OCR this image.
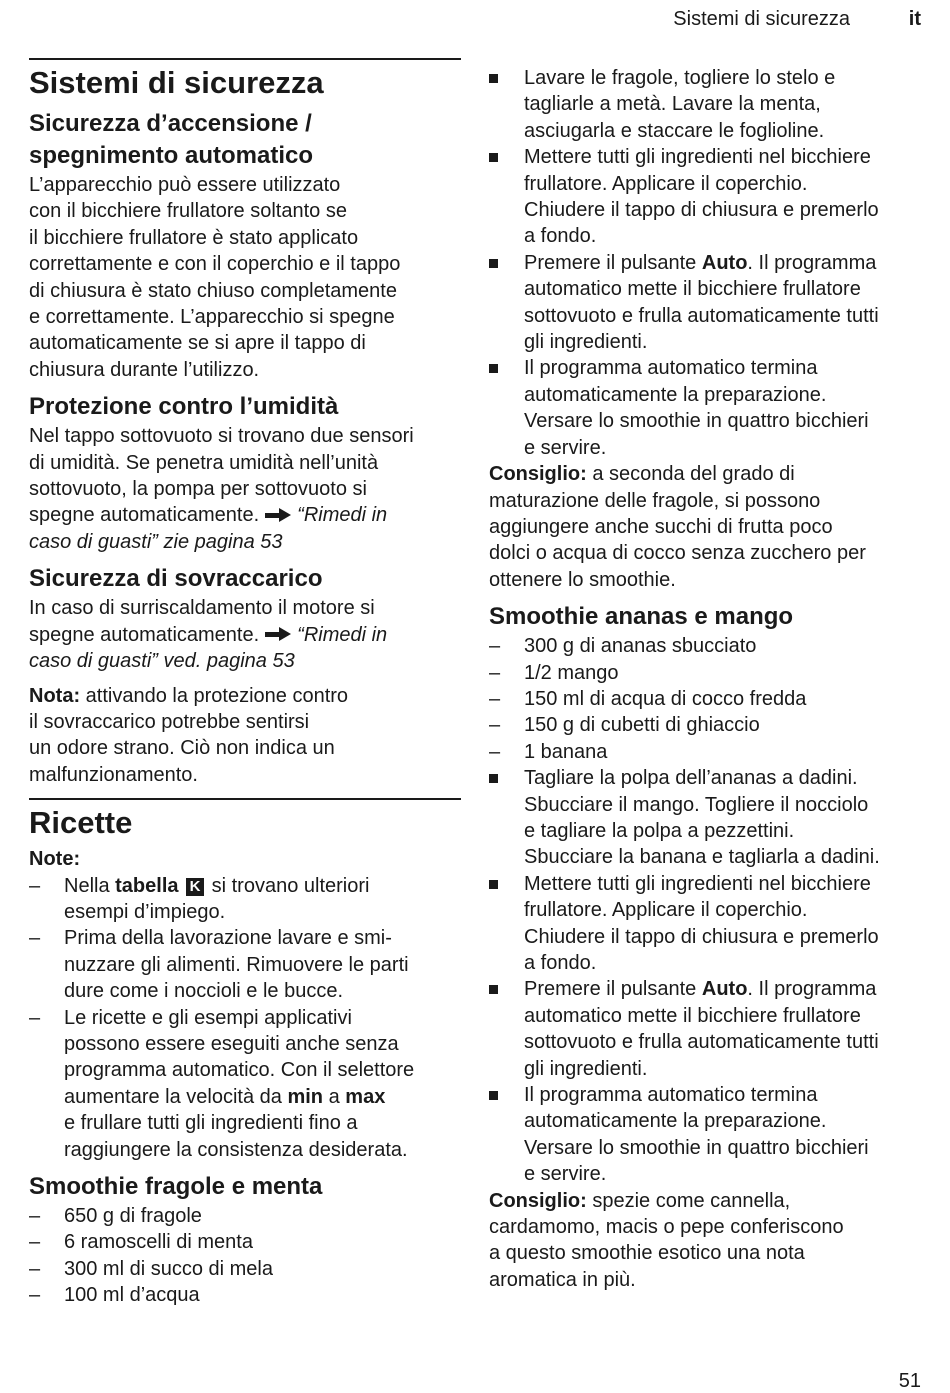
Sistemi di sicurezza	it
Sistemi di sicurezza
Sicurezza d’accensione /
spegnimento automatico

L’apparecchio può essere utilizzato
con il bicchiere frullatore soltanto se
il bicchiere frullatore è stato applicato
correttamente e con il coperchio e il tappo
di chiusura è stato chiuso completamente
e correttamente. L’apparecchio si spegne
automaticamente se si apre il tappo di
chiusura durante l’utilizzo.

Protezione contro l’umidità

Nel tappo sottovuoto si trovano due sensori
di umidità. Se penetra umidità nell’unità
sottovuoto, la pompa per sottovuoto si
spegne automaticamente. “Rimedi in
caso di guasti” zie pagina 53

Sicurezza di sovraccarico

In caso di surriscaldamento il motore si
spegne automaticamente. “Rimedi in
caso di guasti” ved. pagina 53

Nota: attivando la protezione contro
il sovraccarico potrebbe sentirsi
un odore strano. Ciò non indica un
malfunzionamento.

Ricette

Note:

– Nella tabella K si trovano ulteriori
esempi d’impiego.
– Prima della lavorazione lavare e smi-
nuzzare gli alimenti. Rimuovere le parti
dure come i noccioli e le bucce.
– Le ricette e gli esempi applicativi
possono essere eseguiti anche senza
programma automatico. Con il selettore
aumentare la velocità da min a max
e frullare tutti gli ingredienti fino a
raggiungere la consistenza desiderata.
Smoothie fragole e menta
– 650 g di fragole
– 6 ramoscelli di menta
– 300 ml di succo di mela
– 100 ml d’acqua
Lavare le fragole, togliere lo stelo e
tagliarle a metà. Lavare la menta,
asciugarla e staccare le foglioline.
Mettere tutti gli ingredienti nel bicchiere
frullatore. Applicare il coperchio.
Chiudere il tappo di chiusura e premerlo
a fondo.
Premere il pulsante Auto. Il programma
automatico mette il bicchiere frullatore
sottovuoto e frulla automaticamente tutti
gli ingredienti.
Il programma automatico termina
automaticamente la preparazione.
Versare lo smoothie in quattro bicchieri
e servire.

Consiglio: a seconda del grado di
maturazione delle fragole, si possono
aggiungere anche succhi di frutta poco
dolci o acqua di cocco senza zucchero per
ottenere lo smoothie.

Smoothie ananas e mango
– 300 g di ananas sbucciato
– 1/2 mango
– 150 ml di acqua di cocco fredda
– 150 g di cubetti di ghiaccio
– 1 banana
Tagliare la polpa dell’ananas a dadini.
Sbucciare il mango. Togliere il nocciolo
e tagliare la polpa a pezzettini.
Sbucciare la banana e tagliarla a dadini.
Mettere tutti gli ingredienti nel bicchiere
frullatore. Applicare il coperchio.
Chiudere il tappo di chiusura e premerlo
a fondo.
Premere il pulsante Auto. Il programma
automatico mette il bicchiere frullatore
sottovuoto e frulla automaticamente tutti
gli ingredienti.
Il programma automatico termina
automaticamente la preparazione.
Versare lo smoothie in quattro bicchieri
e servire.

Consiglio: spezie come cannella,
cardamomo, macis o pepe conferiscono
a questo smoothie esotico una nota
aromatica in più.

51
